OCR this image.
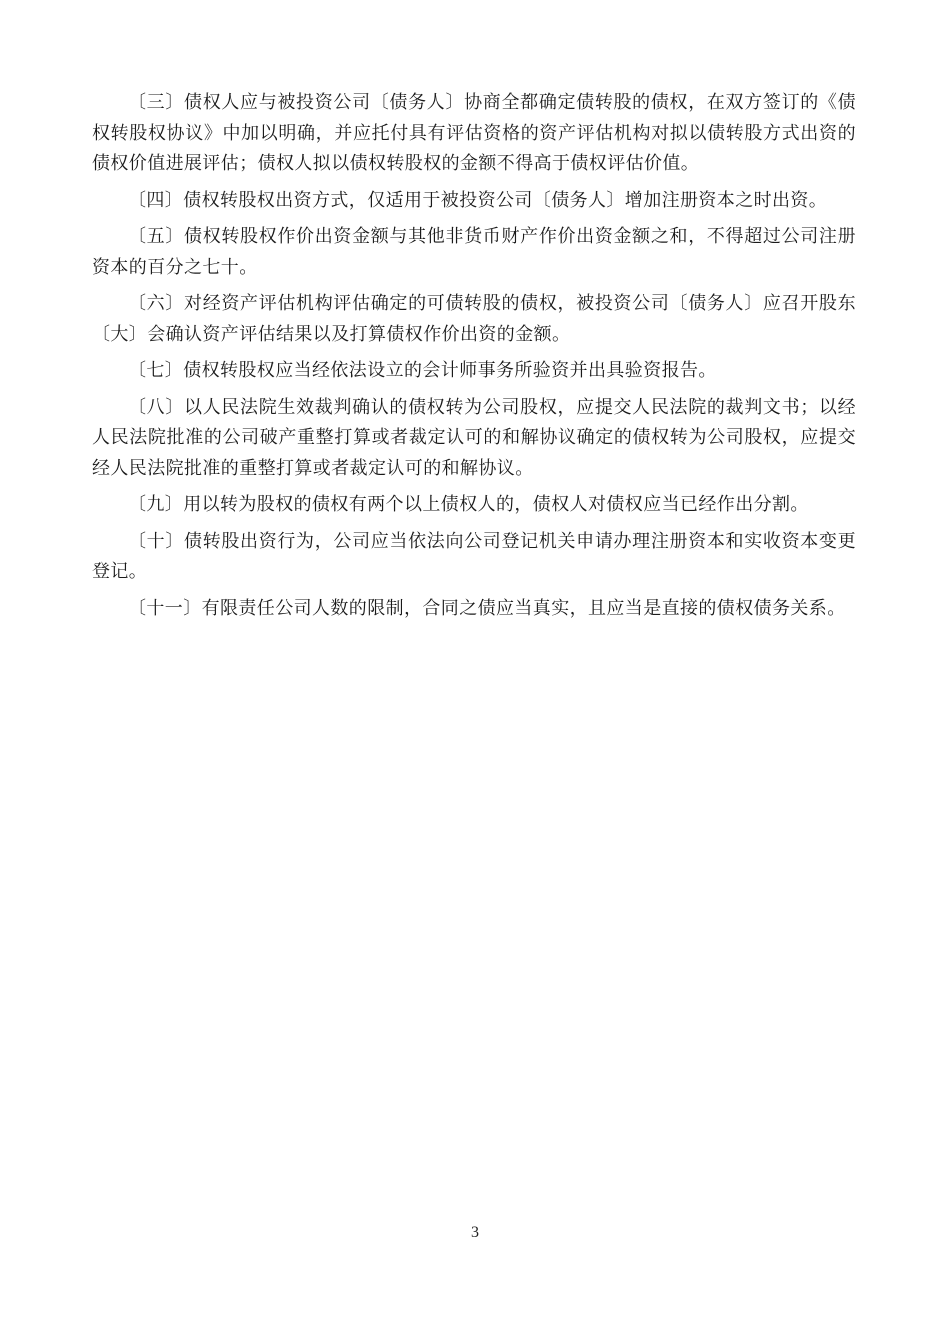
〔三〕债权人应与被投资公司〔债务人〕协商全都确定债转股的债权，在双方签订的《债权转股权协议》中加以明确，并应托付具有评估资格的资产评估机构对拟以债转股方式出资的债权价值进展评估；债权人拟以债权转股权的金额不得高于债权评估价值。

〔四〕债权转股权出资方式，仅适用于被投资公司〔债务人〕增加注册资本之时出资。

〔五〕债权转股权作价出资金额与其他非货币财产作价出资金额之和，不得超过公司注册资本的百分之七十。

〔六〕对经资产评估机构评估确定的可债转股的债权，被投资公司〔债务人〕应召开股东〔大〕会确认资产评估结果以及打算债权作价出资的金额。

〔七〕债权转股权应当经依法设立的会计师事务所验资并出具验资报告。

〔八〕以人民法院生效裁判确认的债权转为公司股权，应提交人民法院的裁判文书；以经人民法院批准的公司破产重整打算或者裁定认可的和解协议确定的债权转为公司股权，应提交经人民法院批准的重整打算或者裁定认可的和解协议。

〔九〕用以转为股权的债权有两个以上债权人的，债权人对债权应当已经作出分割。

〔十〕债转股出资行为，公司应当依法向公司登记机关申请办理注册资本和实收资本变更登记。

〔十一〕有限责任公司人数的限制，合同之债应当真实，且应当是直接的债权债务关系。

3
